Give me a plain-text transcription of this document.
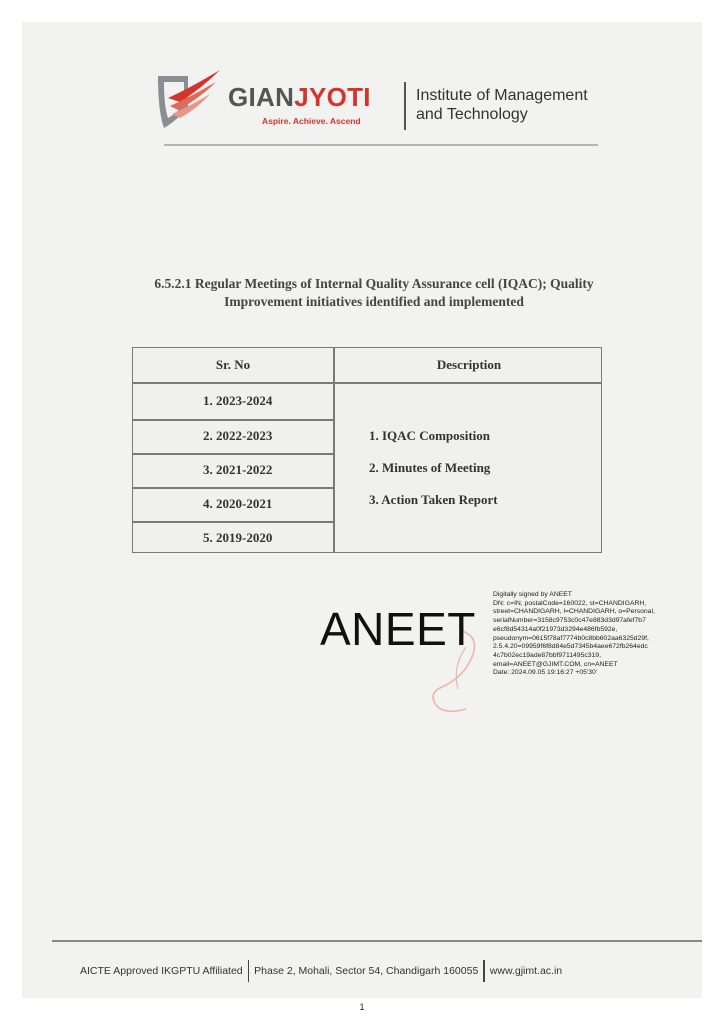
GIANJYOTI
Aspire. Achieve. Ascend
Institute of Management
and Technology
6.5.2.1 Regular Meetings of Internal Quality Assurance cell (IQAC); Quality
Improvement initiatives identified and implemented
Sr. No	Description
1. 2023-2024
2. 2022-2023
3. 2021-2022
4. 2020-2021
5. 2019-2020
1. IQAC Composition
2. Minutes of Meeting
3. Action Taken Report
ANEET
Digitally signed by ANEET
DN: c=IN, postalCode=160022, st=CHANDIGARH,
street=CHANDIGARH, l=CHANDIGARH, o=Personal,
serialNumber=3158c9753c0c47e883d3d97afef7b7
e6cf8d54314a0f21973d3294e486fb592e,
pseudonym=0615f78af7774b0c8bb602aa6325d29f,
2.5.4.20=09959f6f8d84e5d7345b4aee672fb264edc
4c7b02ec19ade87bbf9711495c319,
email=ANEET@GJIMT.COM, cn=ANEET
Date: 2024.09.05 19:16:27 +05'30'
AICTE Approved IKGPTU Affiliated Phase 2, Mohali, Sector 54, Chandigarh 160055 www.gjimt.ac.in
1
